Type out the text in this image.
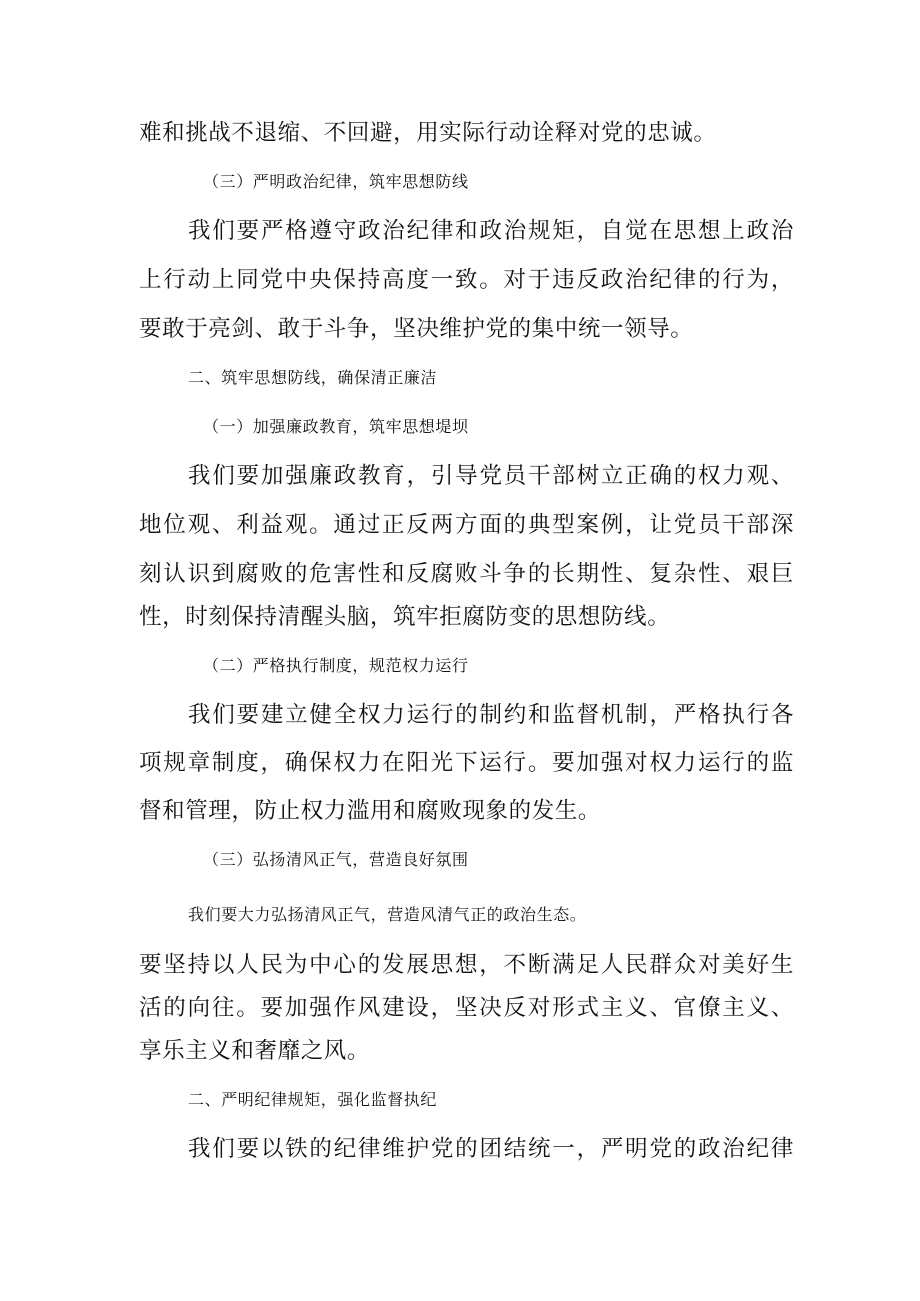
难和挑战不退缩、不回避，用实际行动诠释对党的忠诚。
（三）严明政治纪律，筑牢思想防线
我们要严格遵守政治纪律和政治规矩，自觉在思想上政治
上行动上同党中央保持高度一致。对于违反政治纪律的行为，
要敢于亮剑、敢于斗争，坚决维护党的集中统一领导。
二、筑牢思想防线，确保清正廉洁
（一）加强廉政教育，筑牢思想堤坝
我们要加强廉政教育，引导党员干部树立正确的权力观、
地位观、利益观。通过正反两方面的典型案例，让党员干部深
刻认识到腐败的危害性和反腐败斗争的长期性、复杂性、艰巨
性，时刻保持清醒头脑，筑牢拒腐防变的思想防线。
（二）严格执行制度，规范权力运行
我们要建立健全权力运行的制约和监督机制，严格执行各
项规章制度，确保权力在阳光下运行。要加强对权力运行的监
督和管理，防止权力滥用和腐败现象的发生。
（三）弘扬清风正气，营造良好氛围
我们要大力弘扬清风正气，营造风清气正的政治生态。
要坚持以人民为中心的发展思想，不断满足人民群众对美好生
活的向往。要加强作风建设，坚决反对形式主义、官僚主义、
享乐主义和奢靡之风。
二、严明纪律规矩，强化监督执纪
我们要以铁的纪律维护党的团结统一，严明党的政治纪律
